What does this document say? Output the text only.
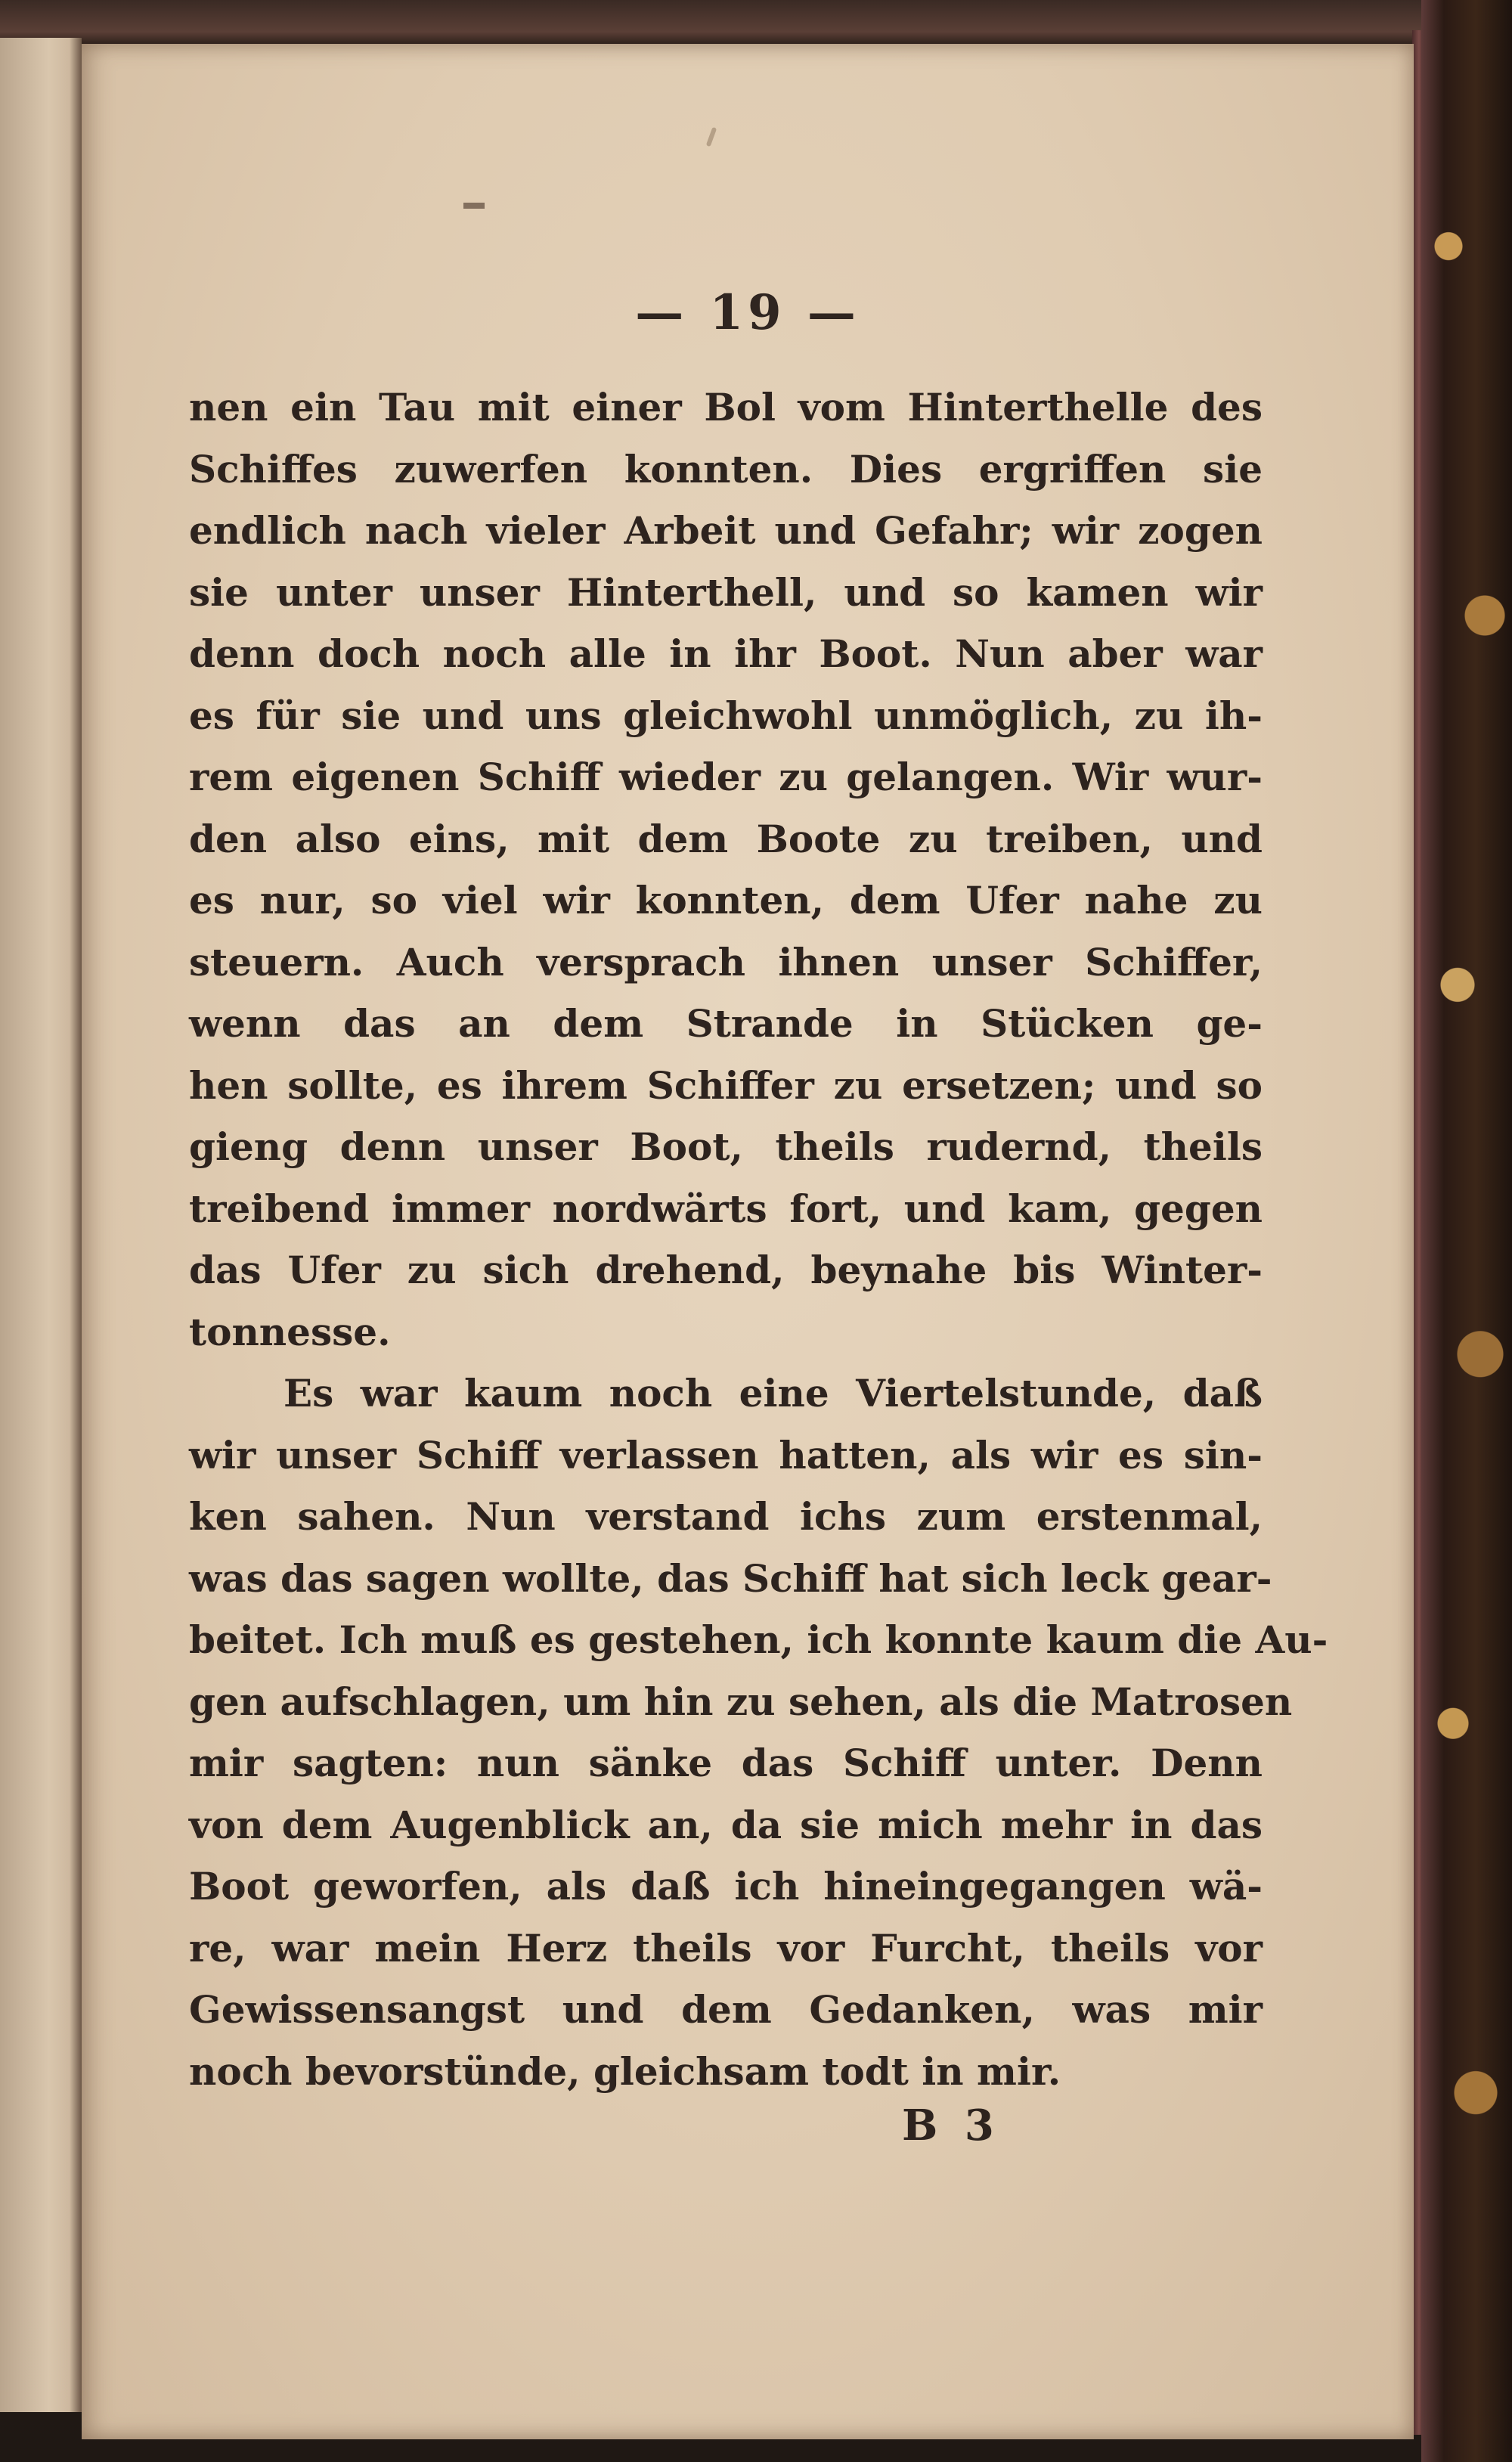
— 19 —
nen ein Tau mit einer Bol vom Hinterthelle des
Schiffes zuwerfen konnten. Dies ergriffen sie
endlich nach vieler Arbeit und Gefahr; wir zogen
sie unter unser Hinterthell, und so kamen wir
denn doch noch alle in ihr Boot. Nun aber war
es für sie und uns gleichwohl unmöglich, zu ih-
rem eigenen Schiff wieder zu gelangen. Wir wur-
den also eins, mit dem Boote zu treiben, und
es nur, so viel wir konnten, dem Ufer nahe zu
steuern. Auch versprach ihnen unser Schiffer,
wenn das an dem Strande in Stücken ge-
hen sollte, es ihrem Schiffer zu ersetzen; und so
gieng denn unser Boot, theils rudernd, theils
treibend immer nordwärts fort, und kam, gegen
das Ufer zu sich drehend, beynahe bis Winter-
tonnesse.
Es war kaum noch eine Viertelstunde, daß
wir unser Schiff verlassen hatten, als wir es sin-
ken sahen. Nun verstand ichs zum erstenmal,
was das sagen wollte, das Schiff hat sich leck gear-
beitet. Ich muß es gestehen, ich konnte kaum die Au-
gen aufschlagen, um hin zu sehen, als die Matrosen
mir sagten: nun sänke das Schiff unter. Denn
von dem Augenblick an, da sie mich mehr in das
Boot geworfen, als daß ich hineingegangen wä-
re, war mein Herz theils vor Furcht, theils vor
Gewissensangst und dem Gedanken, was mir
noch bevorstünde, gleichsam todt in mir.
B 3
